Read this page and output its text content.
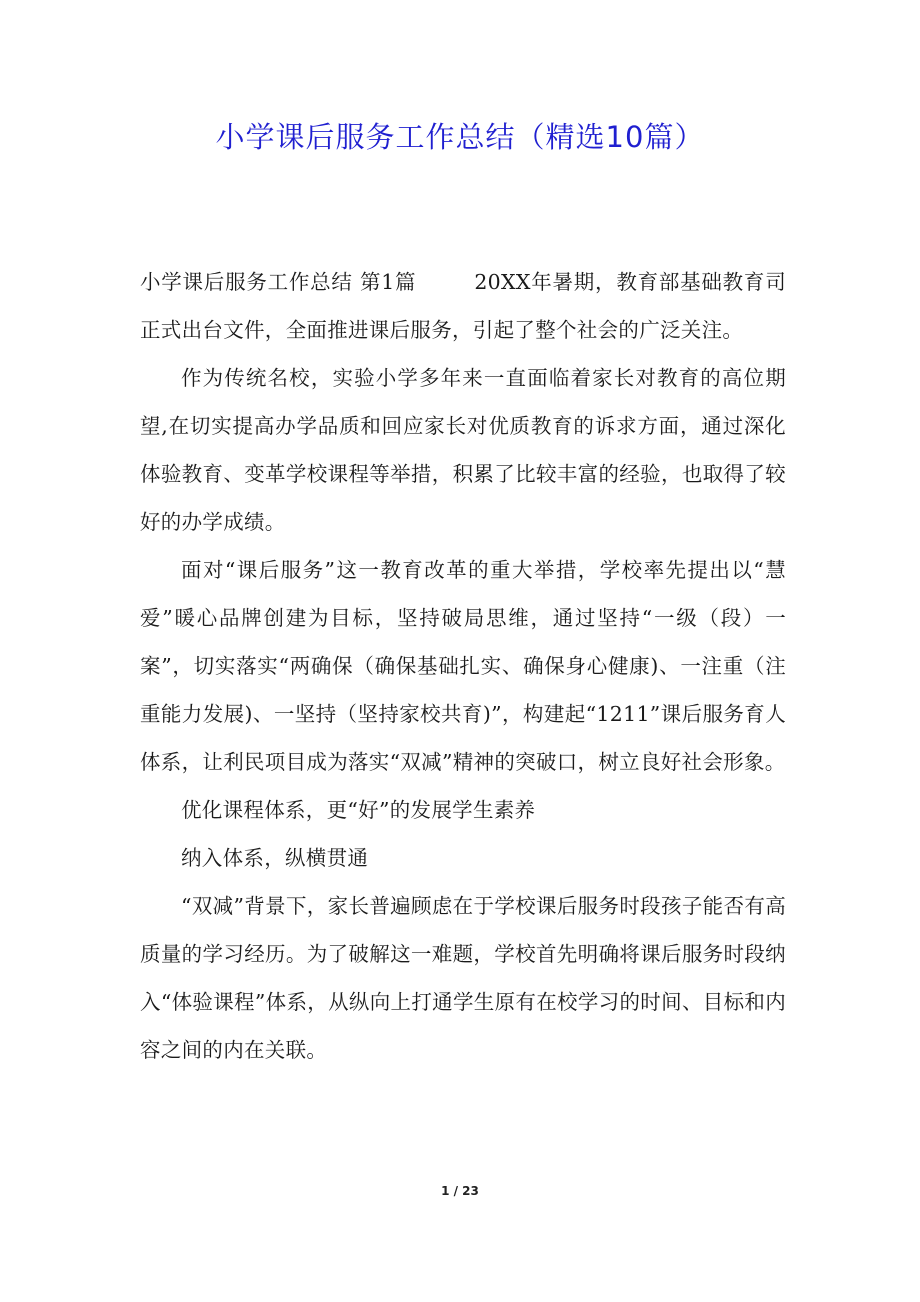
小学课后服务工作总结（精选10篇）

小学课后服务工作总结 第1篇	20XX年暑期，教育部基础教育司正式出台文件，全面推进课后服务，引起了整个社会的广泛关注。

作为传统名校，实验小学多年来一直面临着家长对教育的高位期望,在切实提高办学品质和回应家长对优质教育的诉求方面，通过深化体验教育、变革学校课程等举措，积累了比较丰富的经验，也取得了较好的办学成绩。

面对“课后服务”这一教育改革的重大举措，学校率先提出以“慧爱”暖心品牌创建为目标，坚持破局思维，通过坚持“一级（段）一案”，切实落实“两确保（确保基础扎实、确保身心健康)、一注重（注重能力发展)、一坚持（坚持家校共育)”，构建起“1211”课后服务育人体系，让利民项目成为落实“双减”精神的突破口，树立良好社会形象。

优化课程体系，更“好”的发展学生素养

纳入体系，纵横贯通

“双减”背景下，家长普遍顾虑在于学校课后服务时段孩子能否有高质量的学习经历。为了破解这一难题，学校首先明确将课后服务时段纳入“体验课程”体系，从纵向上打通学生原有在校学习的时间、目标和内容之间的内在关联。

1 / 23
